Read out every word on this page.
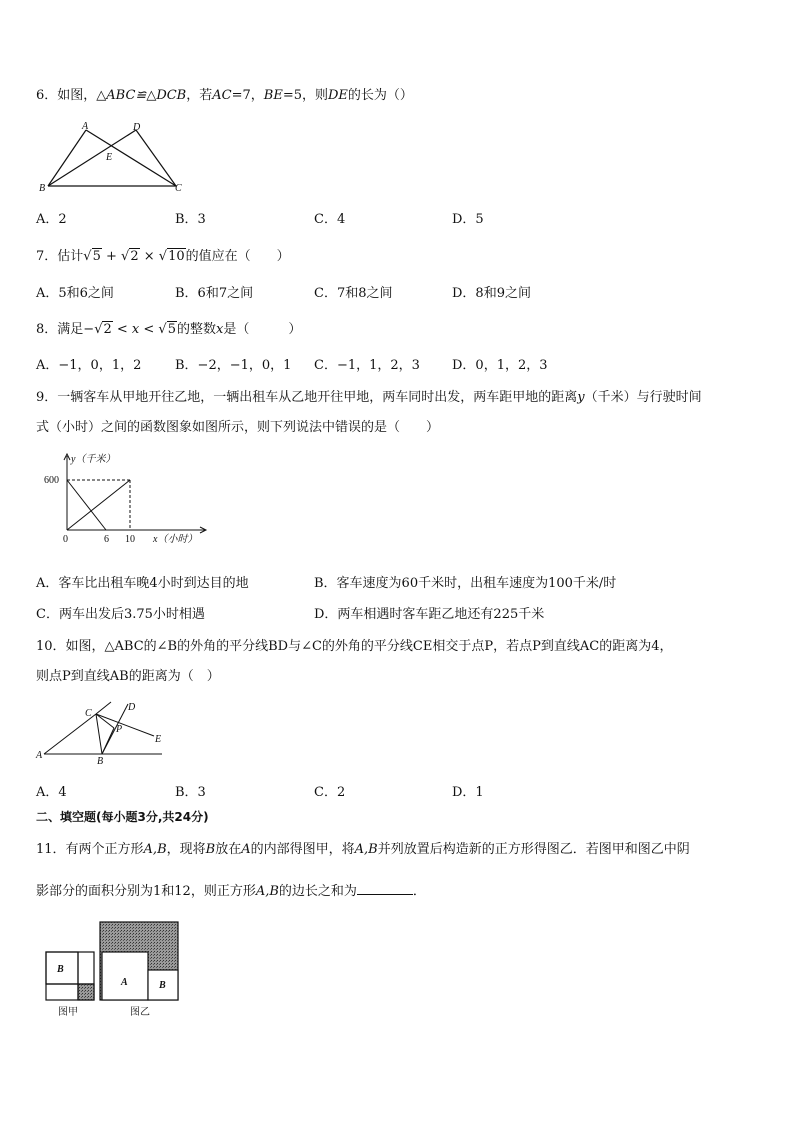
6．如图，△ABC≌△DCB，若AC=7，BE=5，则DE的长为（）
A	D
E
B	C
A．2	B．3	C．4	D．5
7．估计√5 + √2 × √10的值应在（　　）
A．5和6之间	B．6和7之间	C．7和8之间	D．8和9之间
8．满足−√2 < x < √5的整数x是（　　　）
A．−1，0，1，2	B．−2，−1，0，1 C．−1，1，2，3 D．0，1，2，3
9．一辆客车从甲地开往乙地，一辆出租车从乙地开往甲地，两车同时出发，两车距甲地的距离y（千米）与行驶时间
式（小时）之间的函数图象如图所示，则下列说法中错误的是（　　）
y（千米）
600
0	6 10 x（小时）
A．客车比出租车晚4小时到达目的地	B．客车速度为60千米时，出租车速度为100千米/时
C．两车出发后3.75小时相遇	D．两车相遇时客车距乙地还有225千米
10．如图，△ABC的∠B的外角的平分线BD与∠C的外角的平分线CE相交于点P，若点P到直线AC的距离为4，
则点P到直线AB的距离为（　）
A
B
C
D
E
P
A．4	B．3	C．2	D．1
二、填空题(每小题3分,共24分)
11．有两个正方形A,B，现将B放在A的内部得图甲，将A,B并列放置后构造新的正方形得图乙．若图甲和图乙中阴
影部分的面积分别为1和12，则正方形A,B的边长之和为	．
B
A	B
图甲	图乙
